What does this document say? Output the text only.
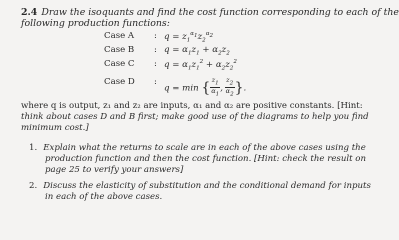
2.4 Draw the isoquants and find the cost function corresponding to each of the

following production functions:

Case A : $q = z_1^{\alpha_1}z_2^{\alpha_2}$
Case B : $q = \alpha_1z_1 + \alpha_2z_2$
Case C : $q = \alpha_1z_1^2 + \alpha_2z_2^2$
Case D :
q = min { $\frac{z_1}{\alpha_1}$ ,  $\frac{z_2}{\alpha_2}$ }.

where q is output, z₁ and z₂ are inputs, α₁ and α₂ are positive constants. [Hint:

think about cases D and B first; make good use of the diagrams to help you find

minimum cost.]

1. Explain what the returns to scale are in each of the above cases using the

production function and then the cost function. [Hint: check the result on

page 25 to verify your answers]

2. Discuss the elasticity of substitution and the conditional demand for inputs

in each of the above cases.
